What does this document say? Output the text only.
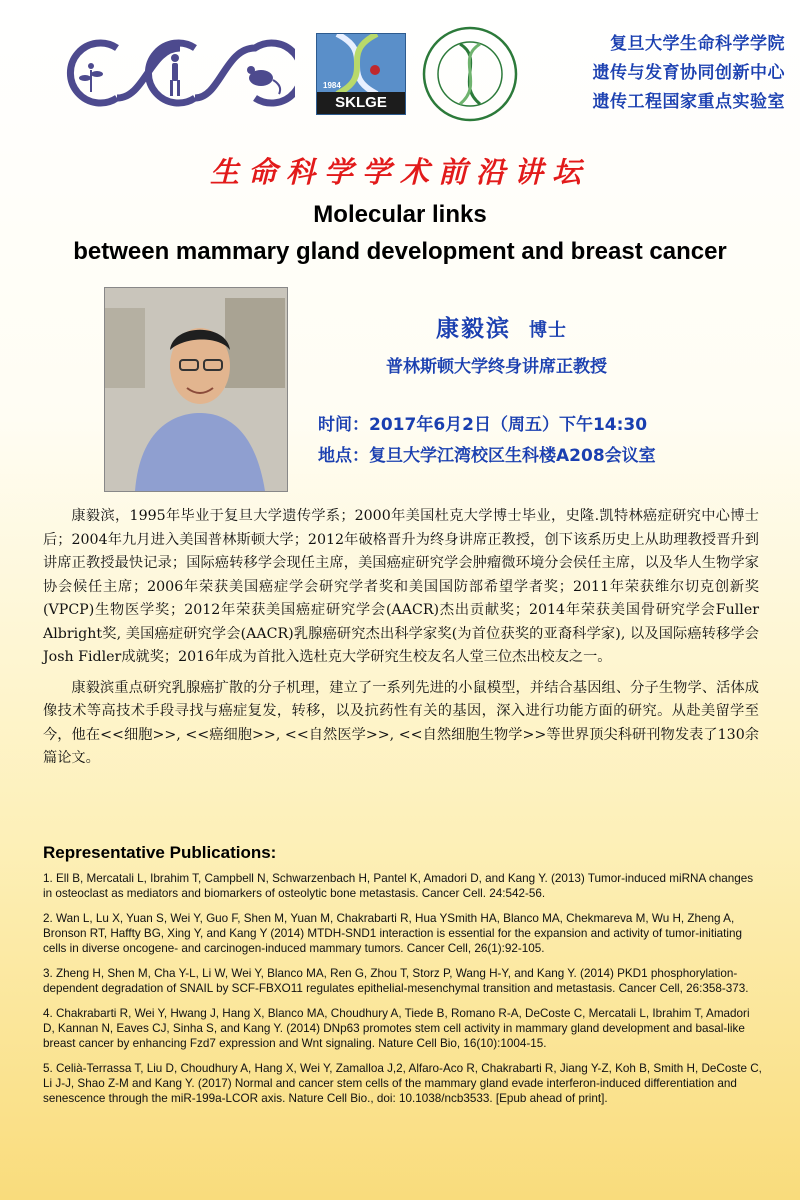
1984
SKLGE
复旦大学生命科学学院
遗传与发育协同创新中心
遗传工程国家重点实验室
生命科学学术前沿讲坛
Molecular links
between mammary gland development and breast cancer
康毅滨 博士
普林斯顿大学终身讲席正教授
时间：2017年6月2日（周五）下午14:30
地点：复旦大学江湾校区生科楼A208会议室

康毅滨，1995年毕业于复旦大学遗传学系；2000年美国杜克大学博士毕业，史隆.凯特林癌症研究中心博士后；2004年九月进入美国普林斯顿大学；2012年破格晋升为终身讲席正教授，创下该系历史上从助理教授晋升到讲席正教授最快记录；国际癌转移学会现任主席，美国癌症研究学会肿瘤微环境分会侯任主席，以及华人生物学家协会候任主席；2006年荣获美国癌症学会研究学者奖和美国国防部希望学者奖；2011年荣获维尔切克创新奖 (VPCP)生物医学奖；2012年荣获美国癌症研究学会(AACR)杰出贡献奖；2014年荣获美国骨研究学会Fuller Albright奖, 美国癌症研究学会(AACR)乳腺癌研究杰出科学家奖(为首位获奖的亚裔科学家), 以及国际癌转移学会Josh Fidler成就奖；2016年成为首批入选杜克大学研究生校友名人堂三位杰出校友之一。

康毅滨重点研究乳腺癌扩散的分子机理，建立了一系列先进的小鼠模型，并结合基因组、分子生物学、活体成像技术等高技术手段寻找与癌症复发，转移，以及抗药性有关的基因，深入进行功能方面的研究。从赴美留学至今，他在<<细胞>>, <<癌细胞>>, <<自然医学>>, <<自然细胞生物学>>等世界顶尖科研刊物发表了130余篇论文。

Representative Publications:
1. Ell B, Mercatali L, Ibrahim T, Campbell N, Schwarzenbach H, Pantel K, Amadori D, and Kang Y. (2013) Tumor-induced miRNA changes in osteoclast as mediators and biomarkers of osteolytic bone metastasis. Cancer Cell. 24:542-56.
2. Wan L, Lu X, Yuan S, Wei Y, Guo F, Shen M, Yuan M, Chakrabarti R, Hua YSmith HA, Blanco MA, Chekmareva M, Wu H, Zheng A, Bronson RT, Haffty BG, Xing Y, and Kang Y (2014) MTDH-SND1 interaction is essential for the expansion and activity of tumor-initiating cells in diverse oncogene- and carcinogen-induced mammary tumors. Cancer Cell, 26(1):92-105.
3. Zheng H, Shen M, Cha Y-L, Li W, Wei Y, Blanco MA, Ren G, Zhou T, Storz P, Wang H-Y, and Kang Y. (2014) PKD1 phosphorylation-dependent degradation of SNAIL by SCF-FBXO11 regulates epithelial-mesenchymal transition and metastasis. Cancer Cell, 26:358-373.
4. Chakrabarti R, Wei Y, Hwang J, Hang X, Blanco MA, Choudhury A, Tiede B, Romano R-A, DeCoste C, Mercatali L, Ibrahim T, Amadori D, Kannan N, Eaves CJ, Sinha S, and Kang Y. (2014) DNp63 promotes stem cell activity in mammary gland development and basal-like breast cancer by enhancing Fzd7 expression and Wnt signaling. Nature Cell Bio, 16(10):1004-15.
5. Celià-Terrassa T, Liu D, Choudhury A, Hang X, Wei Y, Zamalloa J,2, Alfaro-Aco R, Chakrabarti R, Jiang Y-Z, Koh B, Smith H, DeCoste C, Li J-J, Shao Z-M and Kang Y. (2017) Normal and cancer stem cells of the mammary gland evade interferon-induced differentiation and senescence through the miR-199a-LCOR axis. Nature Cell Bio., doi: 10.1038/ncb3533. [Epub ahead of print].
